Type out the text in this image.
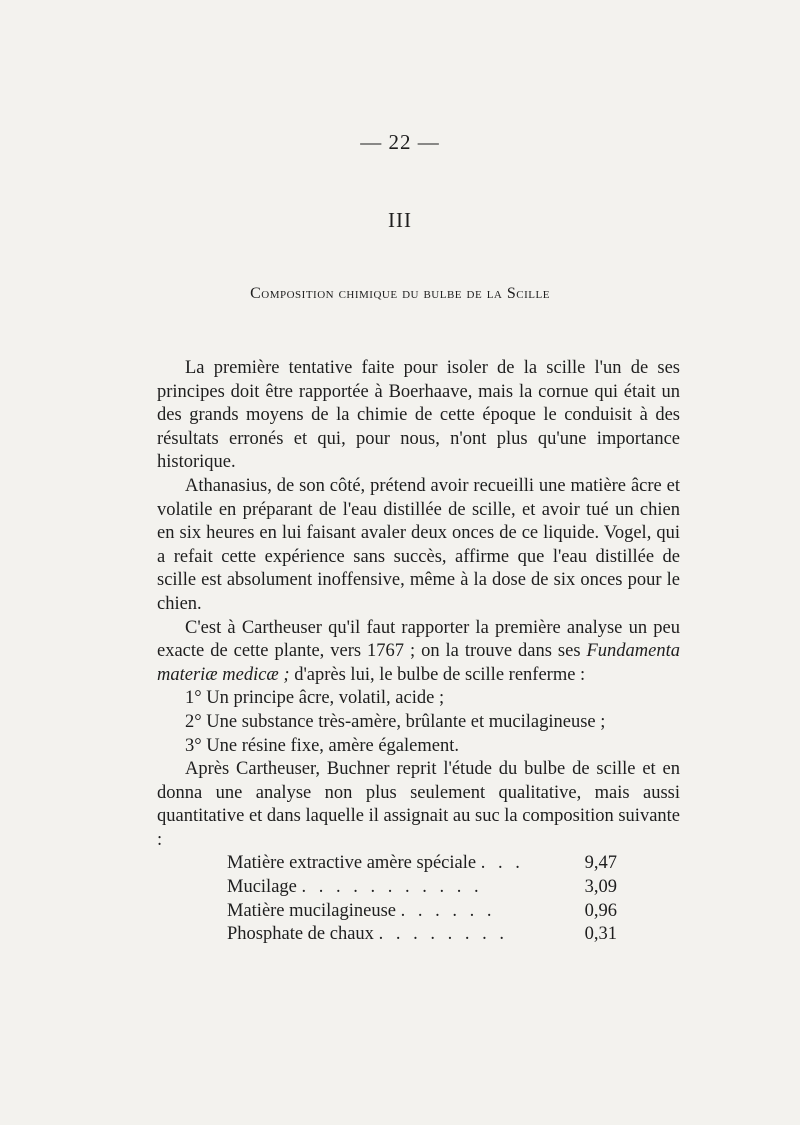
— 22 —
III
Composition chimique du bulbe de la Scille

La première tentative faite pour isoler de la scille l'un de ses principes doit être rapportée à Boerhaave, mais la cornue qui était un des grands moyens de la chimie de cette époque le conduisit à des résultats erronés et qui, pour nous, n'ont plus qu'une importance historique.

Athanasius, de son côté, prétend avoir recueilli une matière âcre et volatile en préparant de l'eau distillée de scille, et avoir tué un chien en six heures en lui faisant avaler deux onces de ce liquide. Vogel, qui a refait cette expérience sans succès, affirme que l'eau distillée de scille est absolument inoffensive, même à la dose de six onces pour le chien.

C'est à Cartheuser qu'il faut rapporter la première analyse un peu exacte de cette plante, vers 1767 ; on la trouve dans ses Fundamenta materiæ medicæ ; d'après lui, le bulbe de scille renferme :

1° Un principe âcre, volatil, acide ;
2° Une substance très-amère, brûlante et mucilagineuse ;
3° Une résine fixe, amère également.

Après Cartheuser, Buchner reprit l'étude du bulbe de scille et en donna une analyse non plus seulement qualitative, mais aussi quantitative et dans laquelle il assignait au suc la composition suivante :

Matière extractive amère spéciale . . .	9,47
Mucilage . . . . . . . . . . .	3,09
Matière mucilagineuse . . . . . .	0,96
Phosphate de chaux . . . . . . . .	0,31
